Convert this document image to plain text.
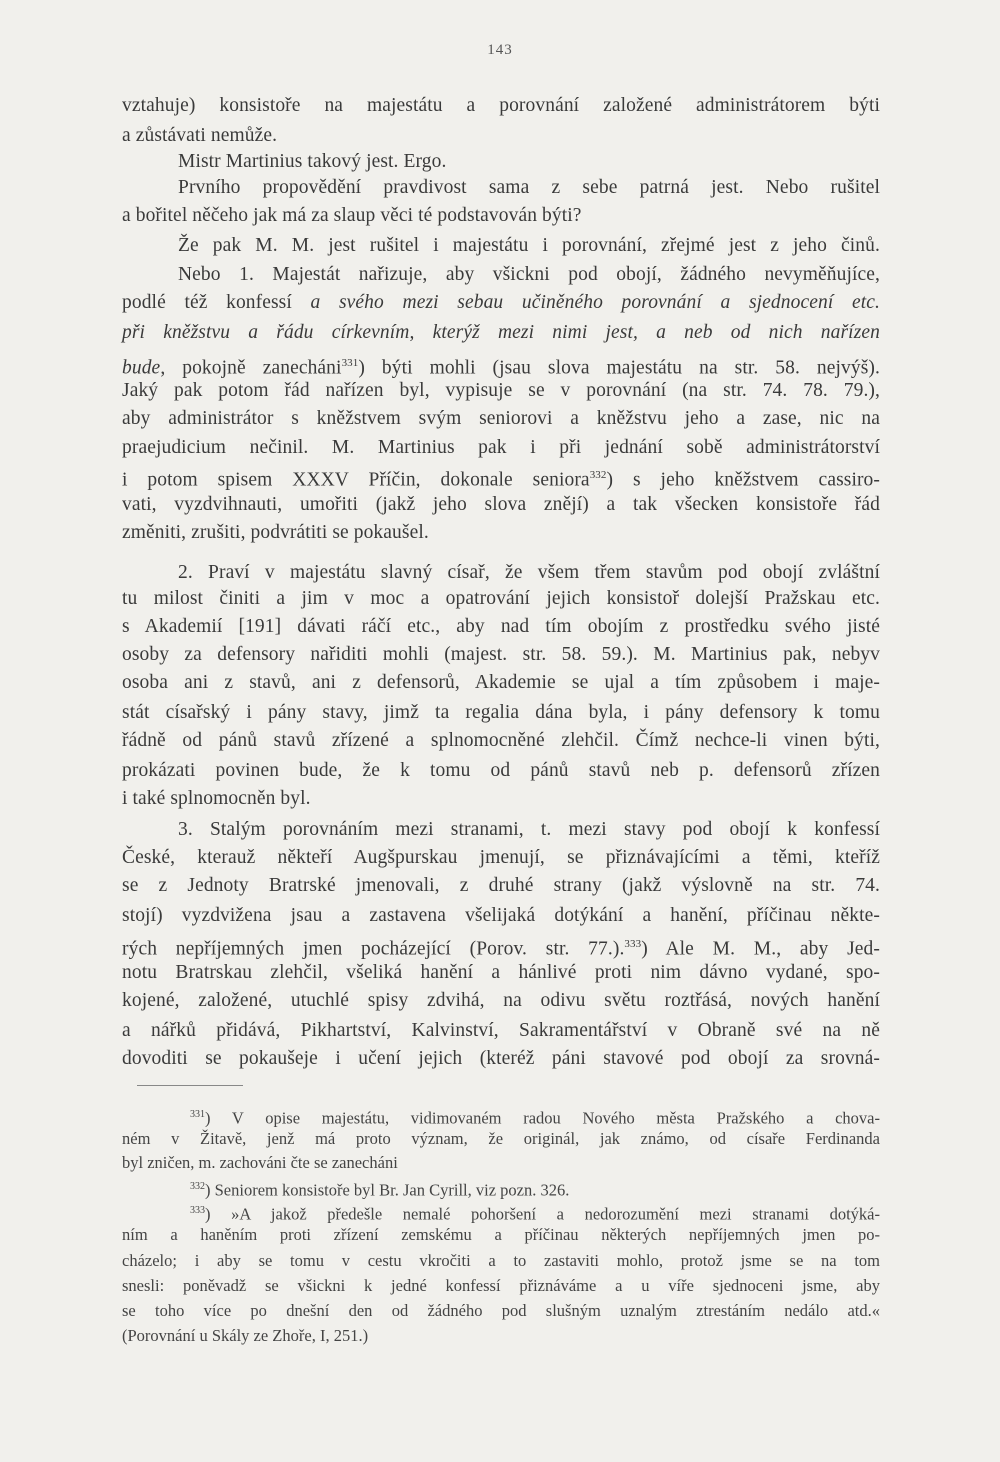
143
vztahuje) konsistoře na majestátu a porovnání založené administrátorem býti
a zůstávati nemůže.
Mistr Martinius takový jest. Ergo.
Prvního propovědění pravdivost sama z sebe patrná jest. Nebo rušitel
a bořitel něčeho jak má za slaup věci té podstavován býti?
Že pak M. M. jest rušitel i majestátu i porovnání, zřejmé jest z jeho činů.
Nebo 1. Majestát nařizuje, aby všickni pod obojí, žádného nevyměňujíce,
podlé též konfessí a svého mezi sebau učiněného porovnání a sjednocení etc.
při kněžstvu a řádu církevním, kterýž mezi nimi jest, a neb od nich nařízen
bude, pokojně zanecháni$^{331}$) býti mohli (jsau slova majestátu na str. 58. nejvýš).
Jaký pak potom řád nařízen byl, vypisuje se v porovnání (na str. 74. 78. 79.),
aby administrátor s kněžstvem svým seniorovi a kněžstvu jeho a zase, nic na
praejudicium nečinil. M. Martinius pak i při jednání sobě administrátorství
i potom spisem XXXV Příčin, dokonale seniora$^{332}$) s jeho kněžstvem cassiro-
vati, vyzdvihnauti, umořiti (jakž jeho slova znějí) a tak všecken konsistoře řád
změniti, zrušiti, podvrátiti se pokaušel.
2. Praví v majestátu slavný císař, že všem třem stavům pod obojí zvláštní
tu milost činiti a jim v moc a opatrování jejich konsistoř dolejší Pražskau etc.
s Akademií [191] dávati ráčí etc., aby nad tím obojím z prostředku svého jisté
osoby za defensory nařiditi mohli (majest. str. 58. 59.). M. Martinius pak, nebyv
osoba ani z stavů, ani z defensorů, Akademie se ujal a tím způsobem i maje-
stát císařský i pány stavy, jimž ta regalia dána byla, i pány defensory k tomu
řádně od pánů stavů zřízené a splnomocněné zlehčil. Čímž nechce-li vinen býti,
prokázati povinen bude, že k tomu od pánů stavů neb p. defensorů zřízen
i také splnomocněn byl.
3. Stalým porovnáním mezi stranami, t. mezi stavy pod obojí k konfessí
České, kterauž někteří Augšpurskau jmenují, se přiznávajícími a těmi, kteříž
se z Jednoty Bratrské jmenovali, z druhé strany (jakž výslovně na str. 74.
stojí) vyzdvižena jsau a zastavena všelijaká dotýkání a hanění, příčinau někte-
rých nepříjemných jmen pocházející (Porov. str. 77.).$^{333}$) Ale M. M., aby Jed-
notu Bratrskau zlehčil, všeliká hanění a hánlivé proti nim dávno vydané, spo-
kojené, založené, utuchlé spisy zdvihá, na odivu světu roztřásá, nových hanění
a nářků přidává, Pikhartství, Kalvinství, Sakramentářství v Obraně své na ně
dovoditi se pokaušeje i učení jejich (kteréž páni stavové pod obojí za srovná-
$^{331}$) V opise majestátu, vidimovaném radou Nového města Pražského a chova-
ném v Žitavě, jenž má proto význam, že originál, jak známo, od císaře Ferdinanda
byl zničen, m. zachováni čte se zanecháni
$^{332}$) Seniorem konsistoře byl Br. Jan Cyrill, viz pozn. 326.
$^{333}$) »A jakož předešle nemalé pohoršení a nedorozumění mezi stranami dotýká-
ním a haněním proti zřízení zemskému a příčinau některých nepříjemných jmen po-
cházelo; i aby se tomu v cestu vkročiti a to zastaviti mohlo, protož jsme se na tom
snesli: poněvadž se všickni k jedné konfessí přiznáváme a u víře sjednoceni jsme, aby
se toho více po dnešní den od žádného pod slušným uznalým ztrestáním nedálo atd.«
(Porovnání u Skály ze Zhoře, I, 251.)
